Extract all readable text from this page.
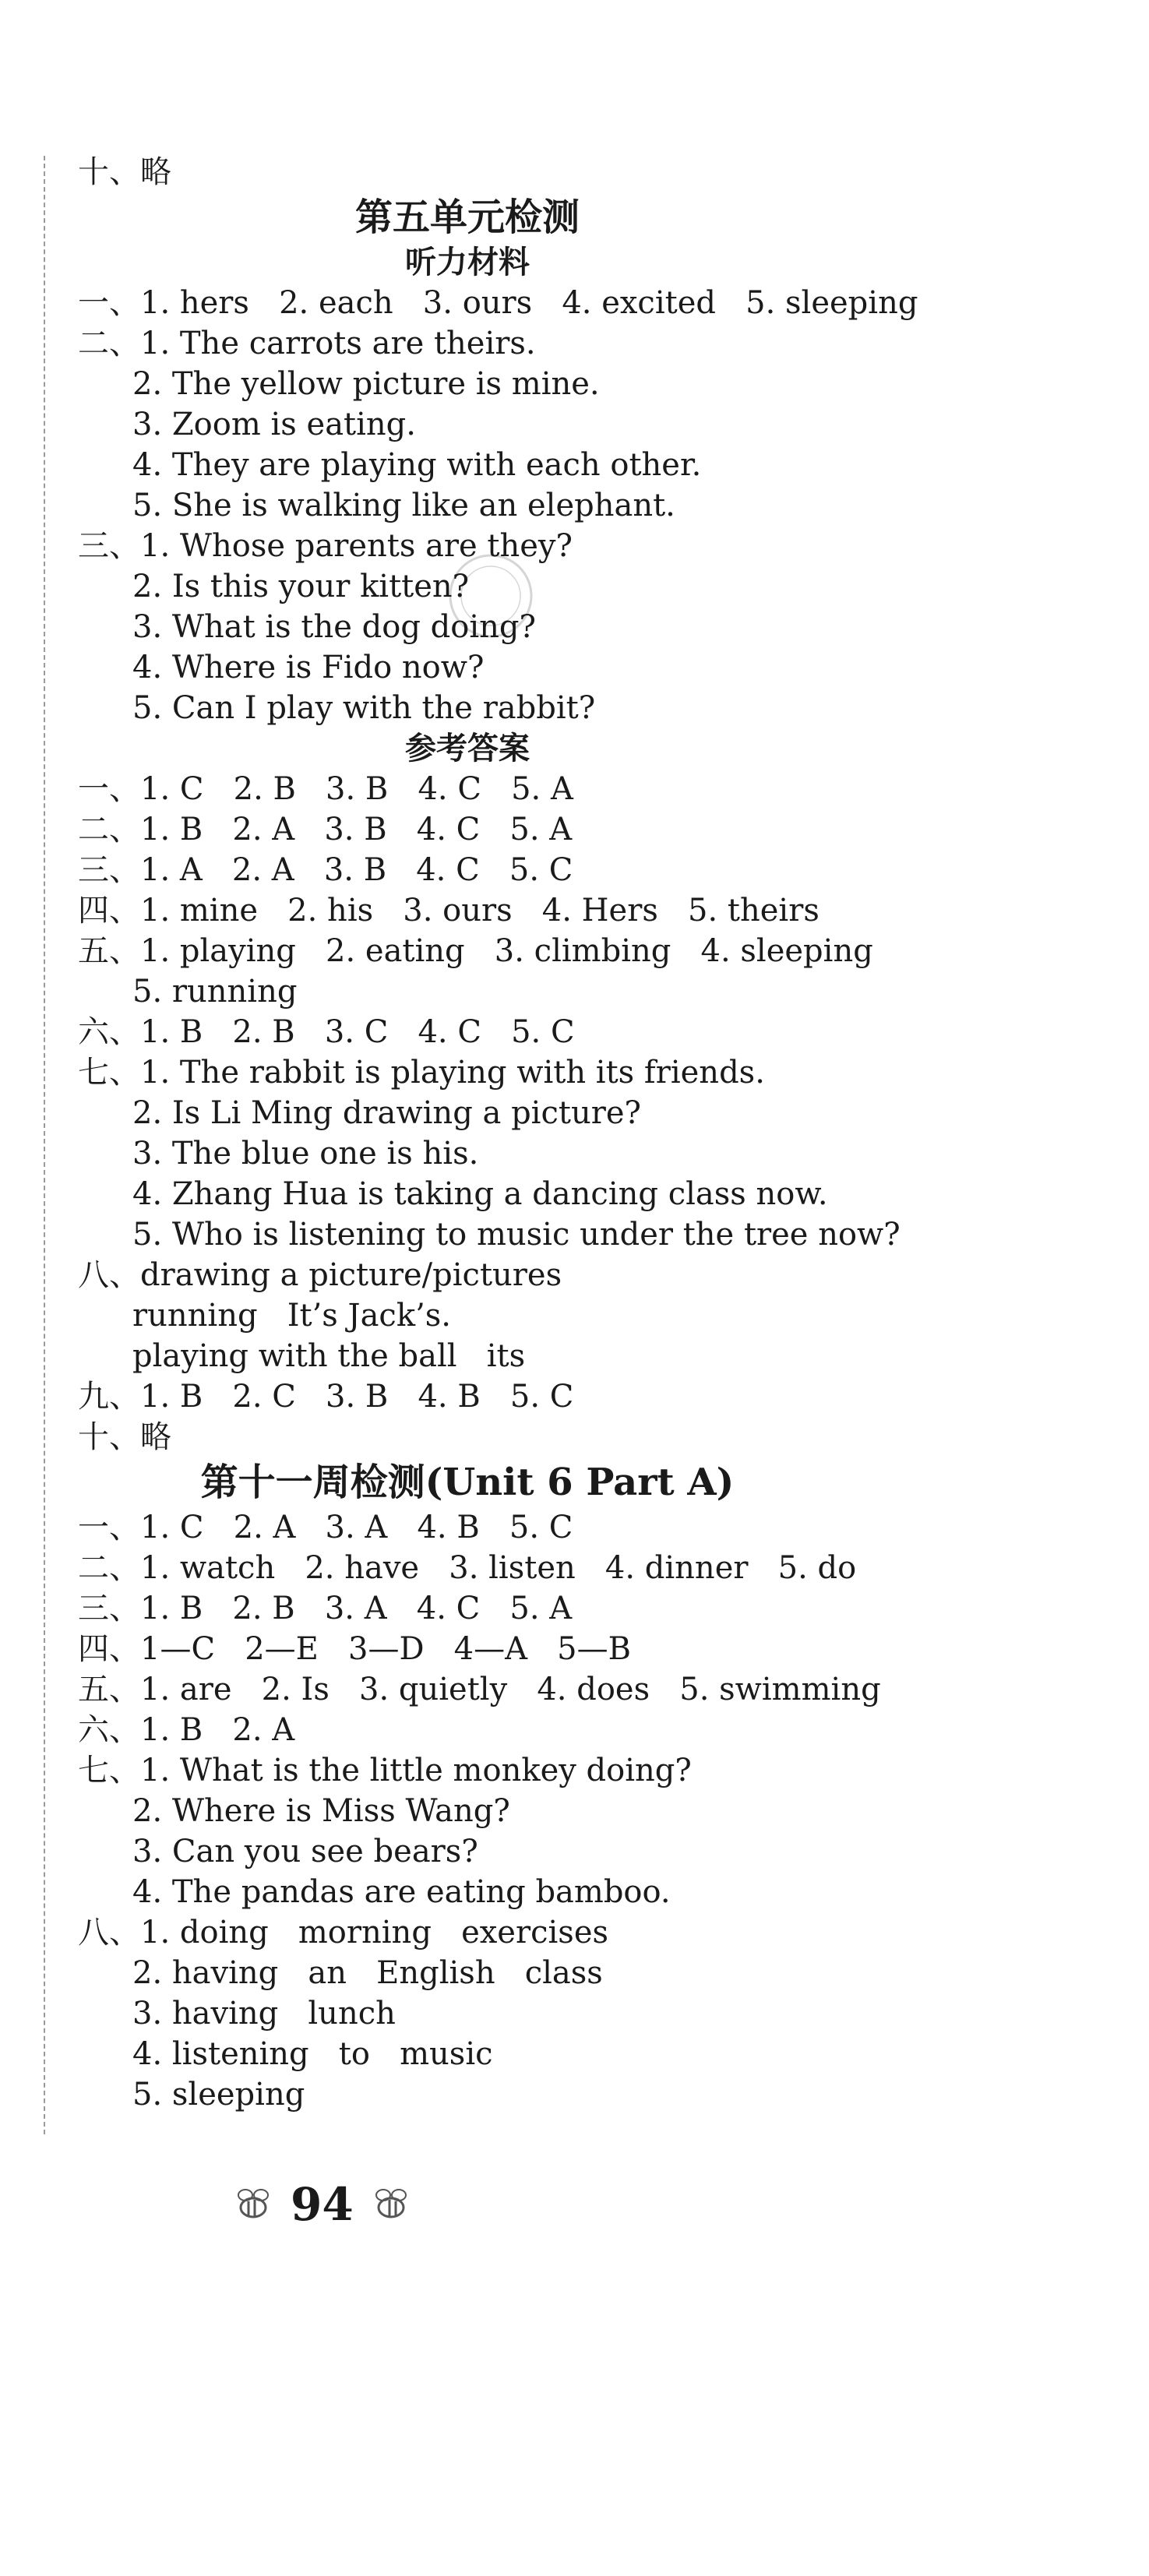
十、略
第五单元检测
听力材料
一、1. hers   2. each   3. ours   4. excited   5. sleeping
二、1. The carrots are theirs.
2. The yellow picture is mine.
3. Zoom is eating.
4. They are playing with each other.
5. She is walking like an elephant.
三、1. Whose parents are they?
2. Is this your kitten?
3. What is the dog doing?
4. Where is Fido now?
5. Can I play with the rabbit?
参考答案
一、1. C   2. B   3. B   4. C   5. A
二、1. B   2. A   3. B   4. C   5. A
三、1. A   2. A   3. B   4. C   5. C
四、1. mine   2. his   3. ours   4. Hers   5. theirs
五、1. playing   2. eating   3. climbing   4. sleeping
5. running
六、1. B   2. B   3. C   4. C   5. C
七、1. The rabbit is playing with its friends.
2. Is Li Ming drawing a picture?
3. The blue one is his.
4. Zhang Hua is taking a dancing class now.
5. Who is listening to music under the tree now?
八、drawing a picture/pictures
running   It’s Jack’s.
playing with the ball   its
九、1. B   2. C   3. B   4. B   5. C
十、略
第十一周检测(Unit 6 Part A)
一、1. C   2. A   3. A   4. B   5. C
二、1. watch   2. have   3. listen   4. dinner   5. do
三、1. B   2. B   3. A   4. C   5. A
四、1—C   2—E   3—D   4—A   5—B
五、1. are   2. Is   3. quietly   4. does   5. swimming
六、1. B   2. A
七、1. What is the little monkey doing?
2. Where is Miss Wang?
3. Can you see bears?
4. The pandas are eating bamboo.
八、1. doing   morning   exercises
2. having   an   English   class
3. having   lunch
4. listening   to   music
5. sleeping
94
